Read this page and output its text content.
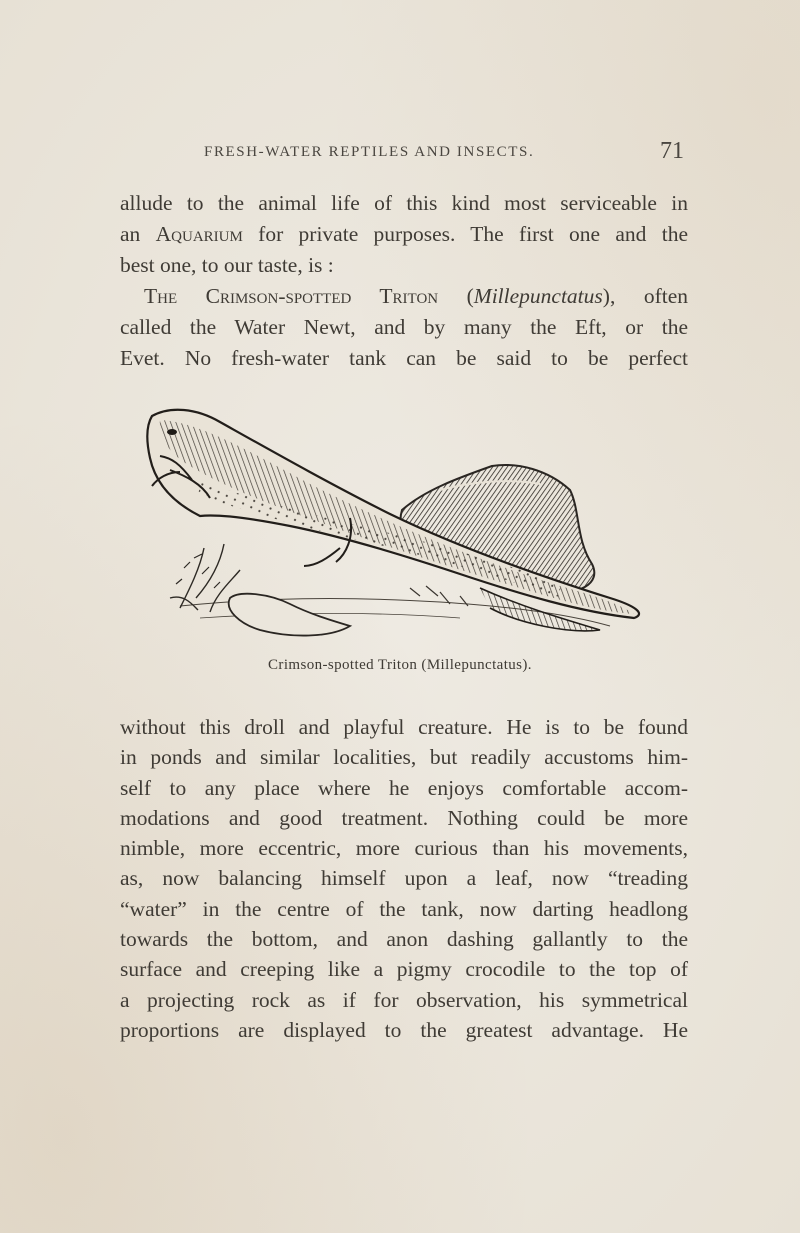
FRESH-WATER REPTILES AND INSECTS.	71
allude to the animal life of this kind most serviceable in
an Aquarium for private purposes. The first one and the
best one, to our taste, is :
The Crimson-spotted Triton (Millepunctatus), often
called the Water Newt, and by many the Eft, or the
Evet. No fresh-water tank can be said to be perfect
Crimson-spotted Triton (Millepunctatus).
without this droll and playful creature. He is to be found
in ponds and similar localities, but readily accustoms him-
self to any place where he enjoys comfortable accom-
modations and good treatment. Nothing could be more
nimble, more eccentric, more curious than his movements,
as, now balancing himself upon a leaf, now “treading
“water” in the centre of the tank, now darting headlong
towards the bottom, and anon dashing gallantly to the
surface and creeping like a pigmy crocodile to the top of
a projecting rock as if for observation, his symmetrical
proportions are displayed to the greatest advantage. He
